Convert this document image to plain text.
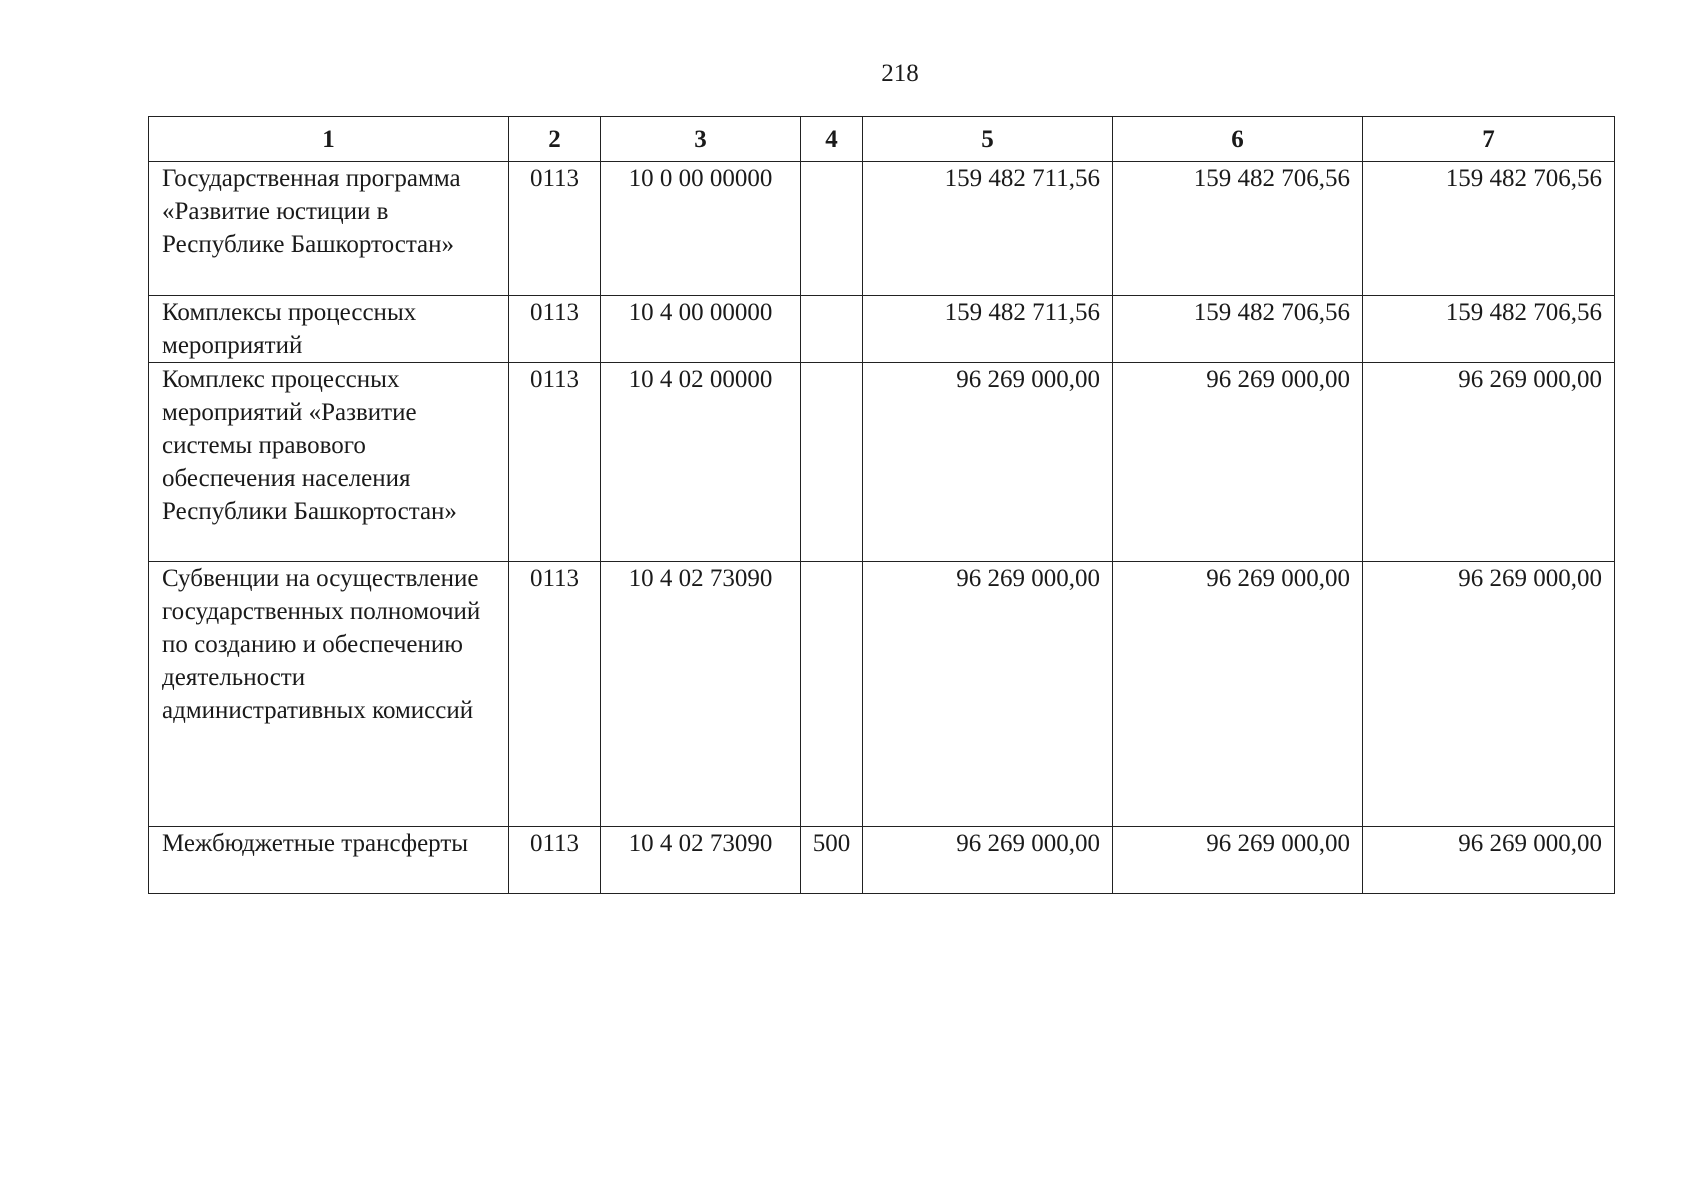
218
1	2	3	4	5	6	7
Государственная программа «Развитие юстиции в Республике Башкортостан»	0113	10 0 00 00000		159 482 711,56	159 482 706,56	159 482 706,56
Комплексы процессных мероприятий	0113	10 4 00 00000		159 482 711,56	159 482 706,56	159 482 706,56
Комплекс процессных мероприятий «Развитие системы правового обеспечения населения Республики Башкортостан»	0113	10 4 02 00000		96 269 000,00	96 269 000,00	96 269 000,00
Субвенции на осуществление государственных полномочий по созданию и обеспечению деятельности административных комиссий	0113	10 4 02 73090		96 269 000,00	96 269 000,00	96 269 000,00
Межбюджетные трансферты	0113	10 4 02 73090	500	96 269 000,00	96 269 000,00	96 269 000,00
